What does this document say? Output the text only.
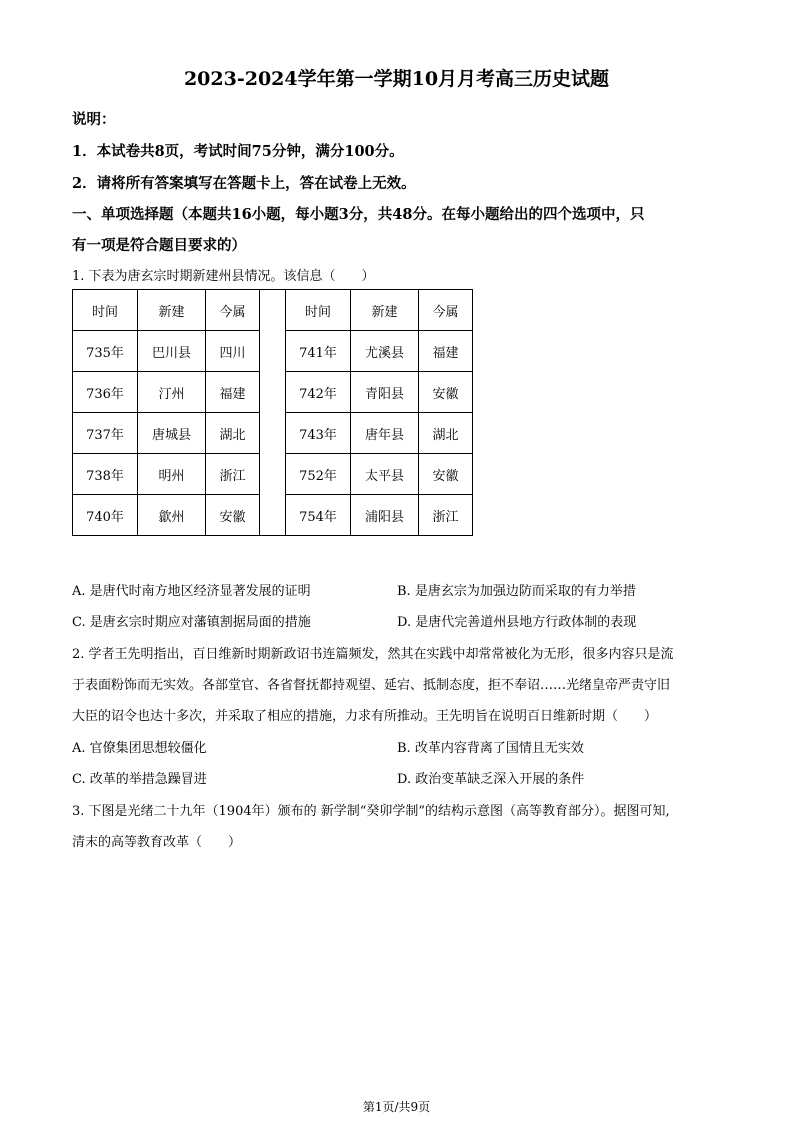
2023-2024学年第一学期10月月考高三历史试题
说明：
1．本试卷共8页，考试时间75分钟，满分100分。
2．请将所有答案填写在答题卡上，答在试卷上无效。
一、单项选择题（本题共16小题，每小题3分，共48分。在每小题给出的四个选项中，只
有一项是符合题目要求的）
1. 下表为唐玄宗时期新建州县情况。该信息（　　）
时间	新建	今属		时间	新建	今属
735年	巴川县	四川		741年	尤溪县	福建
736年	汀州	福建		742年	青阳县	安徽
737年	唐城县	湖北		743年	唐年县	湖北
738年	明州	浙江		752年	太平县	安徽
740年	歙州	安徽		754年	浦阳县	浙江
A. 是唐代时南方地区经济显著发展的证明	B. 是唐玄宗为加强边防而采取的有力举措
C. 是唐玄宗时期应对藩镇割据局面的措施	D. 是唐代完善道州县地方行政体制的表现
2. 学者王先明指出，百日维新时期新政诏书连篇频发，然其在实践中却常常被化为无形，很多内容只是流
于表面粉饰而无实效。各部堂官、各省督抚都持观望、延宕、抵制态度，拒不奉诏……光绪皇帝严责守旧
大臣的诏令也达十多次，并采取了相应的措施，力求有所推动。王先明旨在说明百日维新时期（　　）
A. 官僚集团思想较僵化	B. 改革内容背离了国情且无实效
C. 改革的举措急躁冒进	D. 政治变革缺乏深入开展的条件
3. 下图是光绪二十九年（1904年）颁布的 新学制“癸卯学制”的结构示意图（高等教育部分）。据图可知,
清末的高等教育改革（　　）
第1页/共9页
